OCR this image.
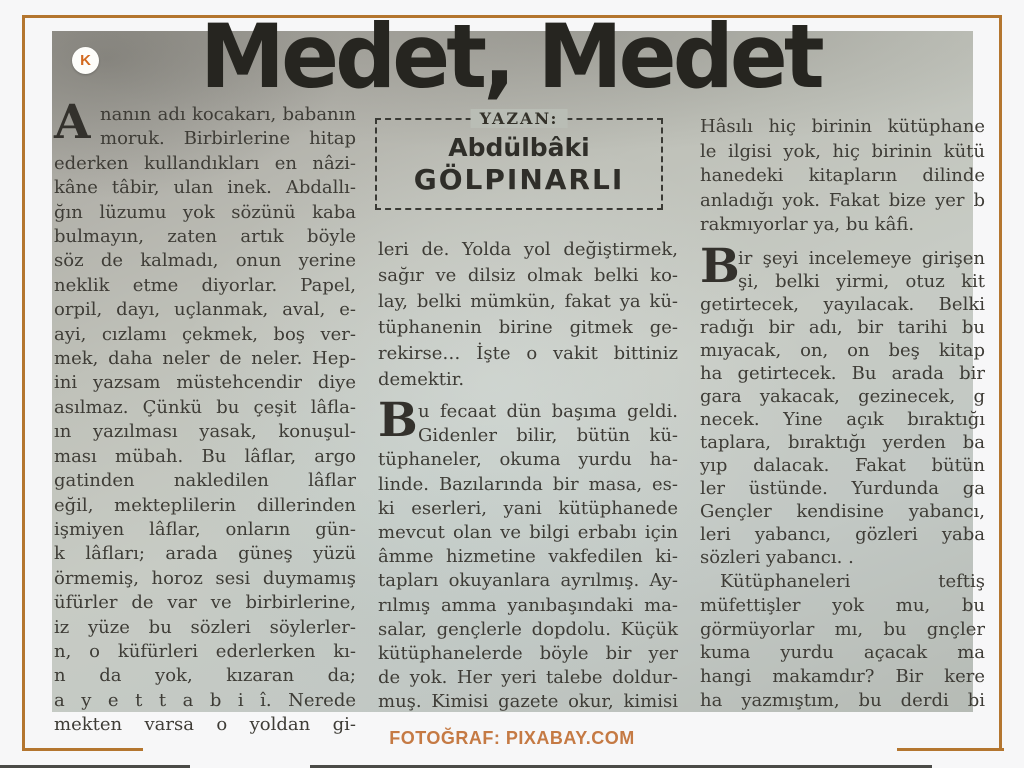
Medet, Medet
K
A nanın adı kocakarı, babanın
moruk. Birbirlerine hitap
ederken kullandıkları en nâzi-
kâne tâbir, ulan inek. Abdallı-
ğın lüzumu yok sözünü kaba
bulmayın, zaten artık böyle
söz de kalmadı, onun yerine
neklik etme diyorlar. Papel,
orpil, dayı, uçlanmak, aval, e-
ayi, cızlamı çekmek, boş ver-
mek, daha neler de neler. Hep-
ini yazsam müstehcendir diye
asılmaz. Çünkü bu çeşit lâfla-
ın yazılması yasak, konuşul-
ması mübah. Bu lâflar, argo
gatinden nakledilen lâflar
eğil, mekteplilerin dillerinden
işmiyen lâflar, onların gün-
k lâfları; arada güneş yüzü
örmemiş, horoz sesi duymamış
üfürler de var ve birbirlerine,
iz yüze bu sözleri söylerler-
n, o küfürleri ederlerken kı-
n da yok, kızaran da;
a y e t t a b i î. Nerede
mekten varsa o yoldan gi-
YAZAN:
Abdülbâki
GÖLPINARLI
leri de. Yolda yol değiştirmek,
sağır ve dilsiz olmak belki ko-
lay, belki mümkün, fakat ya kü-
tüphanenin birine gitmek ge-
rekirse… İşte o vakit bittiniz
demektir.
B u fecaat dün başıma geldi.
Gidenler bilir, bütün kü-
tüphaneler, okuma yurdu ha-
linde. Bazılarında bir masa, es-
ki eserleri, yani kütüphanede
mevcut olan ve bilgi erbabı için
âmme hizmetine vakfedilen ki-
tapları okuyanlara ayrılmış. Ay-
rılmış amma yanıbaşındaki ma-
salar, gençlerle dopdolu. Küçük
kütüphanelerde böyle bir yer
de yok. Her yeri talebe doldur-
muş. Kimisi gazete okur, kimisi
Hâsılı hiç birinin kütüphane
le ilgisi yok, hiç birinin kütü
hanedeki kitapların dilinde
anladığı yok. Fakat bize yer b
rakmıyorlar ya, bu kâfi.
B
ir şeyi incelemeye girişen
şi, belki yirmi, otuz kit
getirtecek, yayılacak. Belki
radığı bir adı, bir tarihi bu
mıyacak, on, on beş kitap
ha getirtecek. Bu arada bir
gara yakacak, gezinecek, g
necek. Yine açık bıraktığı
taplara, bıraktığı yerden ba
yıp dalacak. Fakat bütün
ler üstünde. Yurdunda ga
Gençler kendisine yabancı,
leri yabancı, gözleri yaba
sözleri yabancı. .
Kütüphaneleri teftiş
müfettişler yok mu, bu
görmüyorlar mı, bu gnçler
kuma yurdu açacak ma
hangi makamdır? Bir kere
ha yazmıştım, bu derdi bi
FOTOĞRAF: PIXABAY.COM
